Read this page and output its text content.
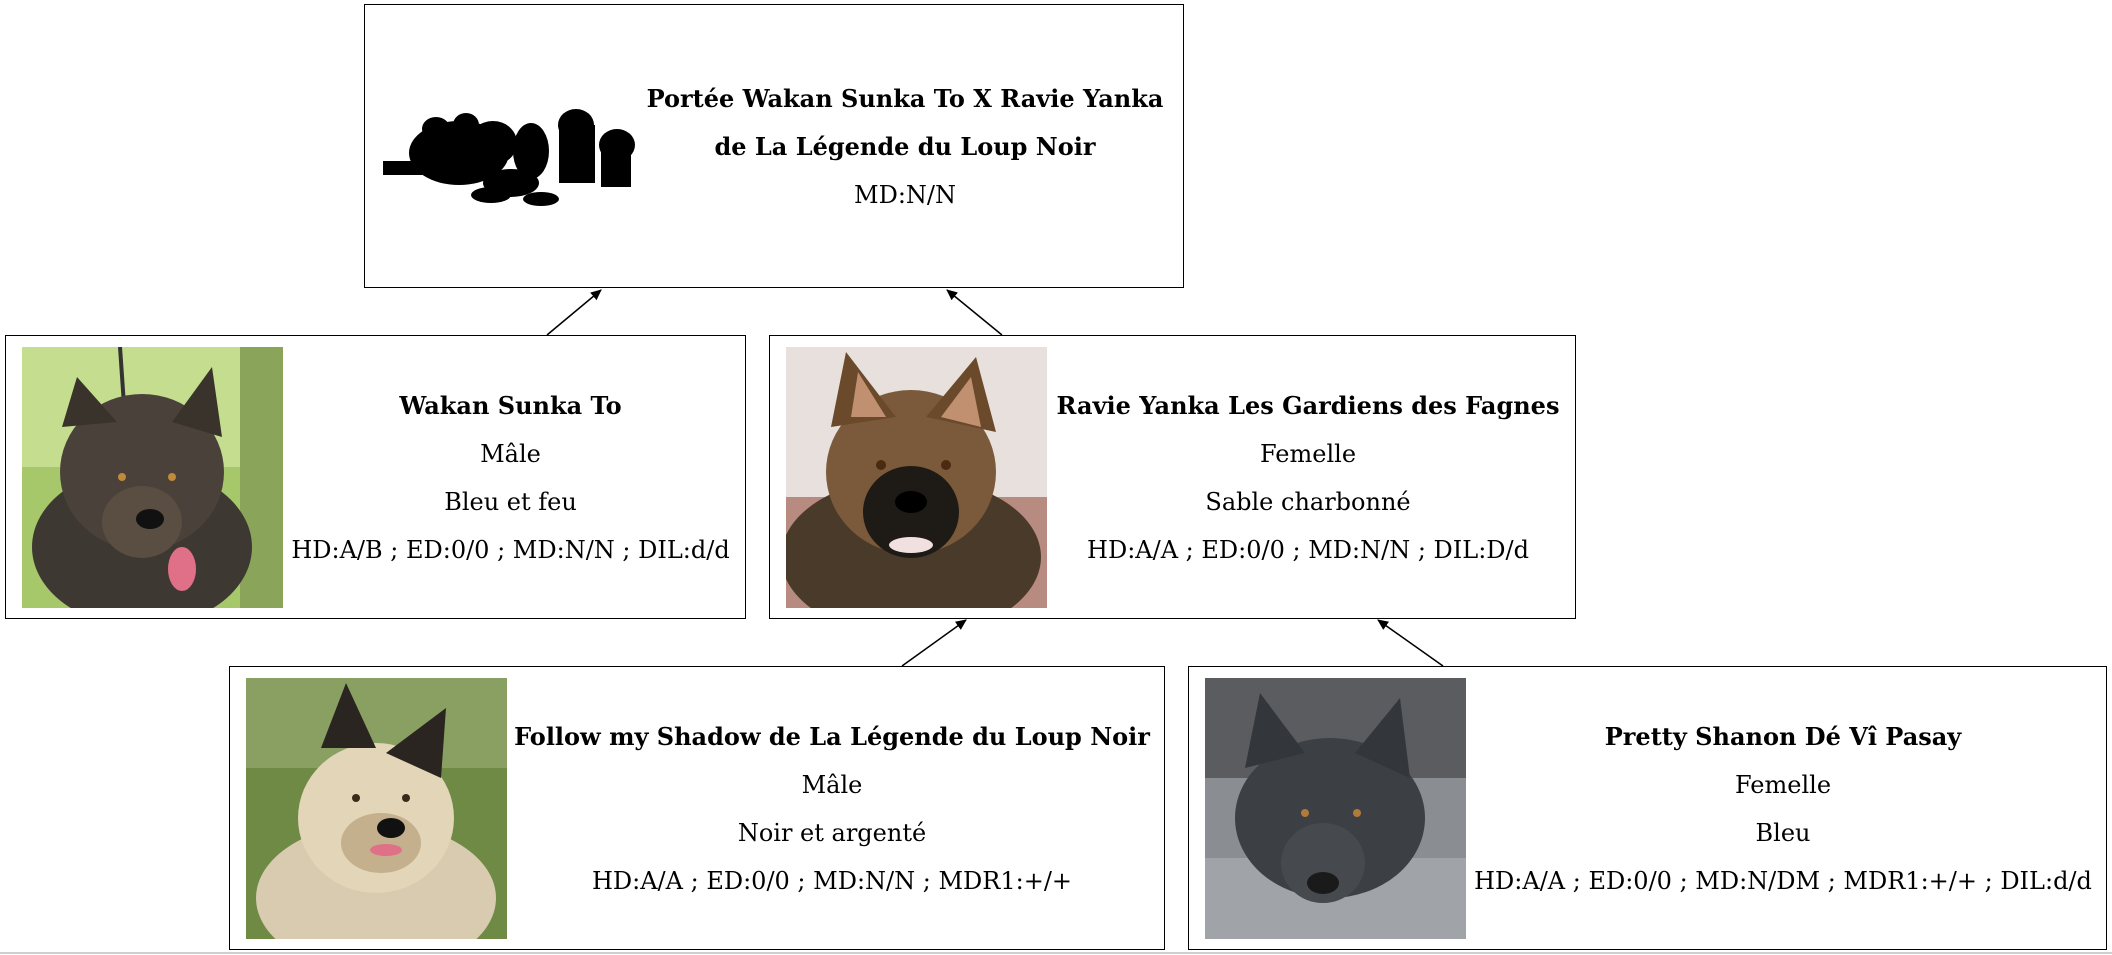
Portée Wakan Sunka To X Ravie Yanka
de La Légende du Loup Noir
MD:N/N
Wakan Sunka To
Mâle
Bleu et feu
HD:A/B ; ED:0/0 ; MD:N/N ; DIL:d/d
Ravie Yanka Les Gardiens des Fagnes
Femelle
Sable charbonné
HD:A/A ; ED:0/0 ; MD:N/N ; DIL:D/d
Follow my Shadow de La Légende du Loup Noir
Mâle
Noir et argenté
HD:A/A ; ED:0/0 ; MD:N/N ; MDR1:+/+
Pretty Shanon Dé Vî Pasay
Femelle
Bleu
HD:A/A ; ED:0/0 ; MD:N/DM ; MDR1:+/+ ; DIL:d/d
